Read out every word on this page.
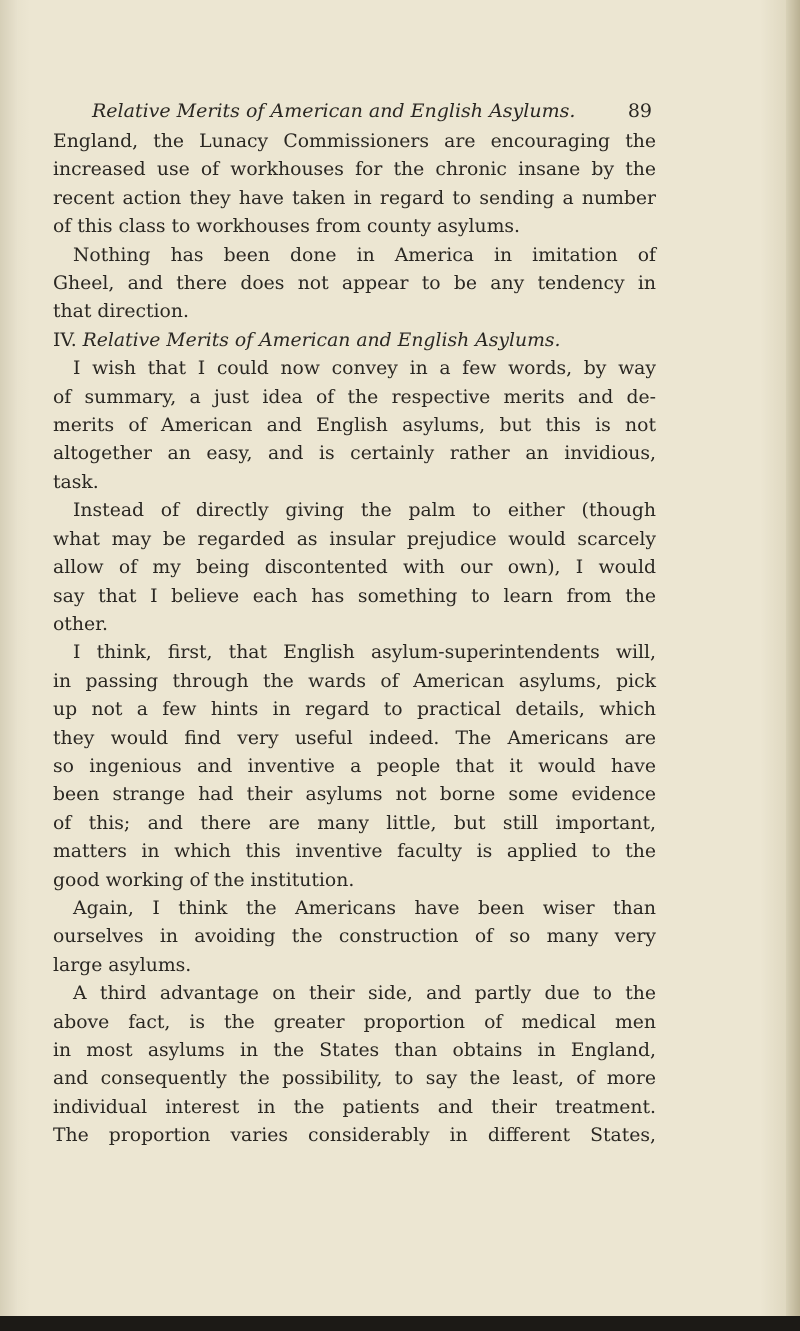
Relative Merits of American and English Asylums.	89
England, the Lunacy Commissioners are encouraging the
increased use of workhouses for the chronic insane by the
recent action they have taken in regard to sending a number
of this class to workhouses from county asylums.
Nothing has been done in America in imitation of
Gheel, and there does not appear to be any tendency in
that direction.
IV. Relative Merits of American and English Asylums.
I wish that I could now convey in a few words, by way
of summary, a just idea of the respective merits and de-
merits of American and English asylums, but this is not
altogether an easy, and is certainly rather an invidious,
task.
Instead of directly giving the palm to either (though
what may be regarded as insular prejudice would scarcely
allow of my being discontented with our own), I would
say that I believe each has something to learn from the
other.
I think, first, that English asylum-superintendents will,
in passing through the wards of American asylums, pick
up not a few hints in regard to practical details, which
they would find very useful indeed. The Americans are
so ingenious and inventive a people that it would have
been strange had their asylums not borne some evidence
of this; and there are many little, but still important,
matters in which this inventive faculty is applied to the
good working of the institution.
Again, I think the Americans have been wiser than
ourselves in avoiding the construction of so many very
large asylums.
A third advantage on their side, and partly due to the
above fact, is the greater proportion of medical men
in most asylums in the States than obtains in England,
and consequently the possibility, to say the least, of more
individual interest in the patients and their treatment.
The proportion varies considerably in different States,
